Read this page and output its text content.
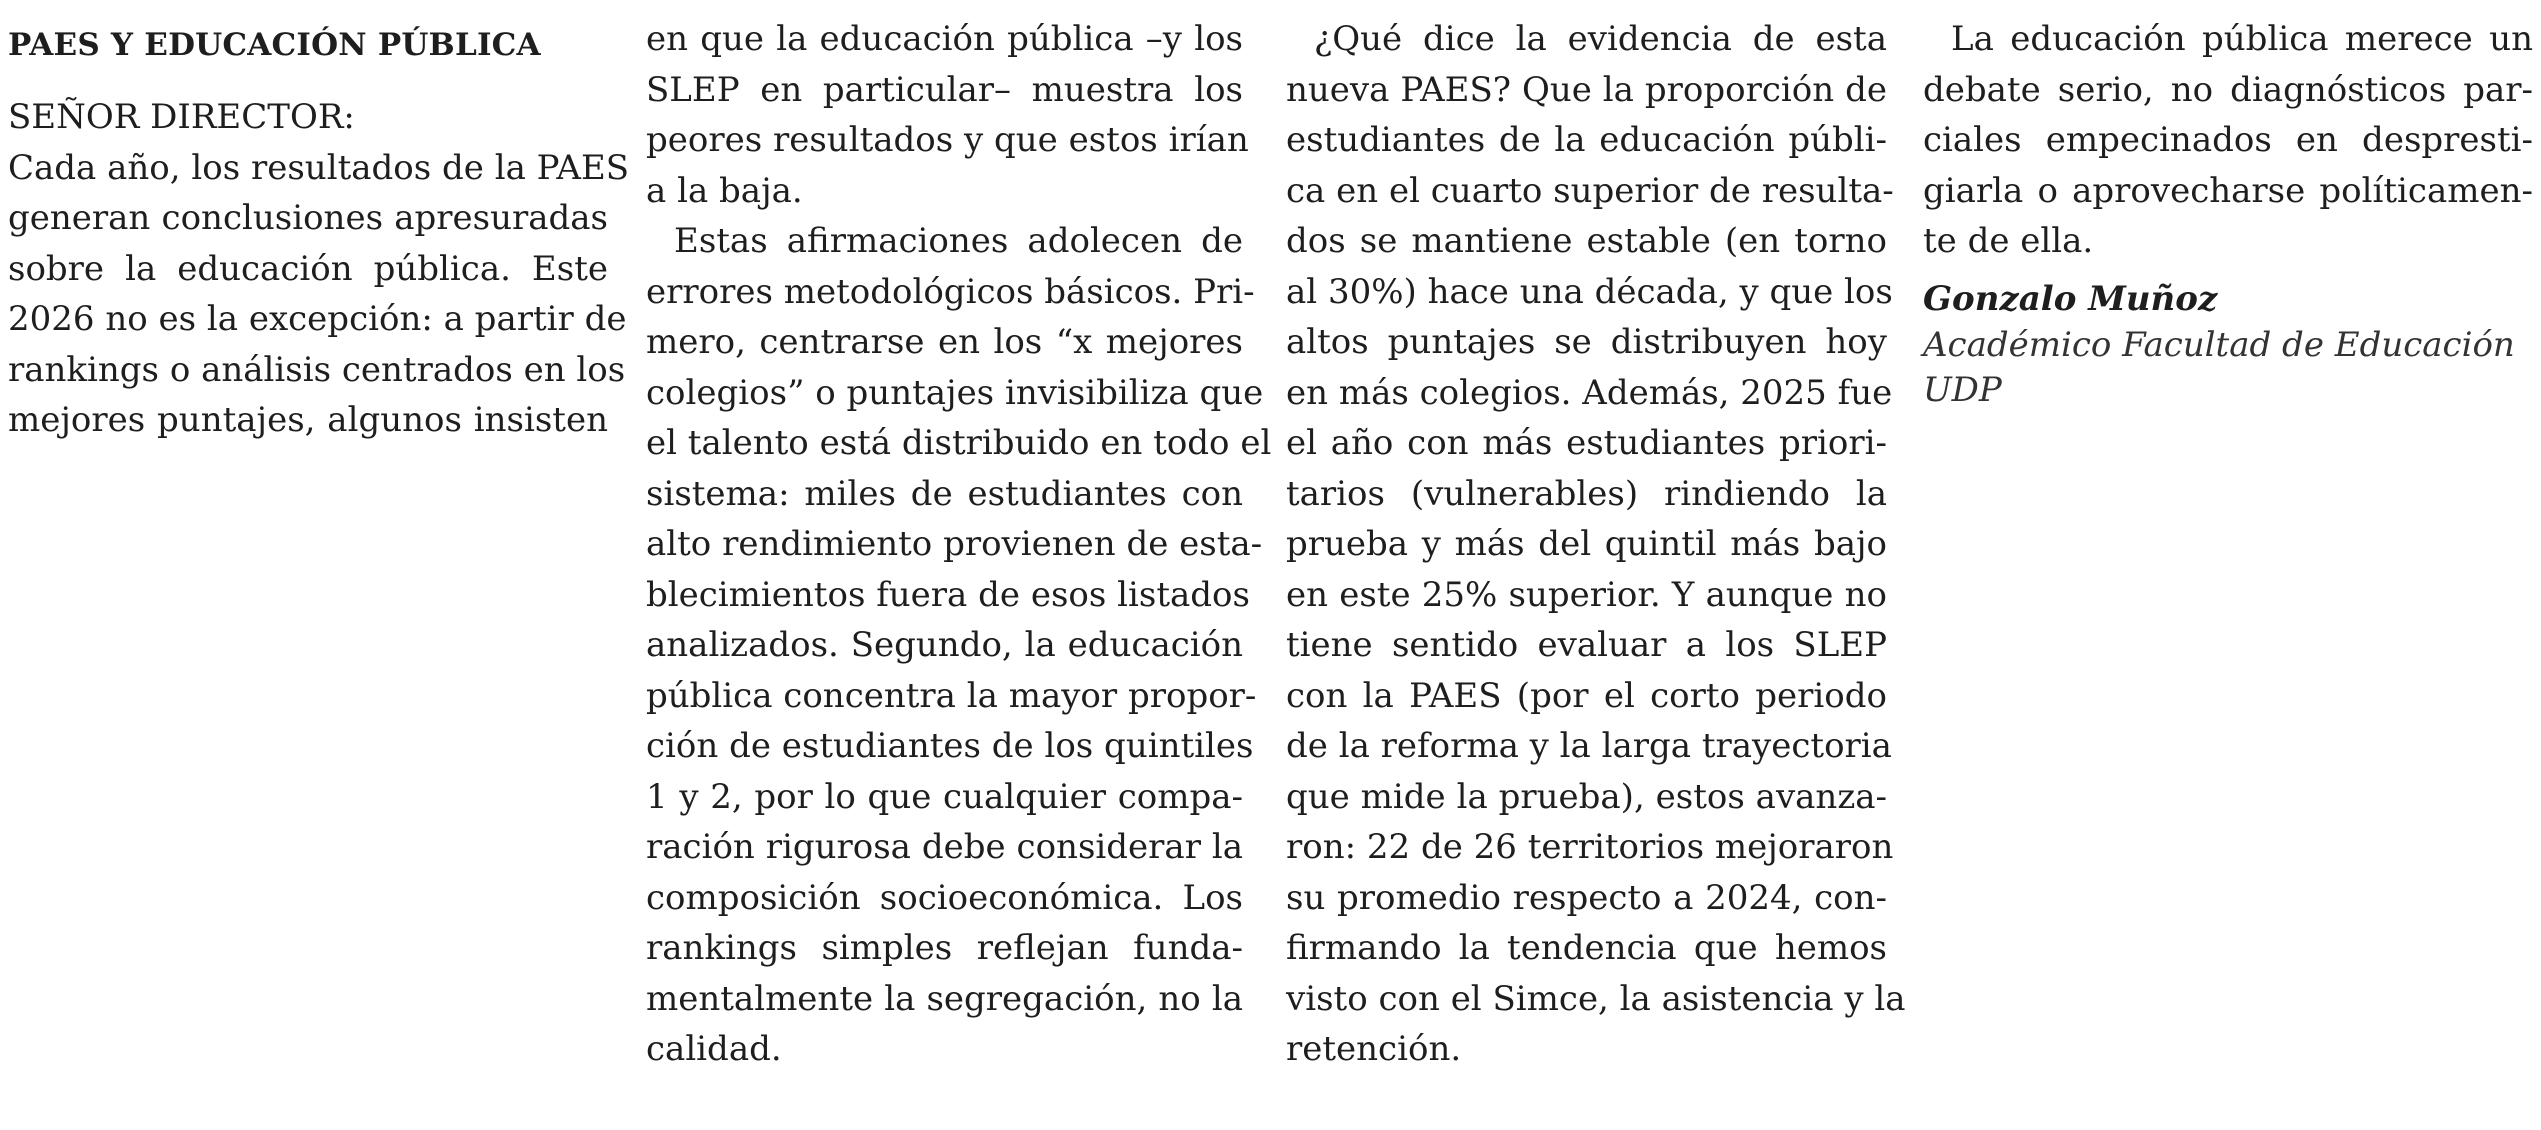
PAES Y EDUCACIÓN PÚBLICA
SEÑOR DIRECTOR:
Cada año, los resultados de la PAES
generan conclusiones apresuradas
sobre la educación pública. Este
2026 no es la excepción: a partir de
rankings o análisis centrados en los
mejores puntajes, algunos insisten
en que la educación pública –y los
SLEP en particular– muestra los
peores resultados y que estos irían
a la baja.
Estas afirmaciones adolecen de
errores metodológicos básicos. Pri-
mero, centrarse en los “x mejores
colegios” o puntajes invisibiliza que
el talento está distribuido en todo el
sistema: miles de estudiantes con
alto rendimiento provienen de esta-
blecimientos fuera de esos listados
analizados. Segundo, la educación
pública concentra la mayor propor-
ción de estudiantes de los quintiles
1 y 2, por lo que cualquier compa-
ración rigurosa debe considerar la
composición socioeconómica. Los
rankings simples reflejan funda-
mentalmente la segregación, no la
calidad.
¿Qué dice la evidencia de esta
nueva PAES? Que la proporción de
estudiantes de la educación públi-
ca en el cuarto superior de resulta-
dos se mantiene estable (en torno
al 30%) hace una década, y que los
altos puntajes se distribuyen hoy
en más colegios. Además, 2025 fue
el año con más estudiantes priori-
tarios (vulnerables) rindiendo la
prueba y más del quintil más bajo
en este 25% superior. Y aunque no
tiene sentido evaluar a los SLEP
con la PAES (por el corto periodo
de la reforma y la larga trayectoria
que mide la prueba), estos avanza-
ron: 22 de 26 territorios mejoraron
su promedio respecto a 2024, con-
firmando la tendencia que hemos
visto con el Simce, la asistencia y la
retención.
La educación pública merece un
debate serio, no diagnósticos par-
ciales empecinados en despresti-
giarla o aprovecharse políticamen-
te de ella.
Gonzalo Muñoz
Académico Facultad de Educación
UDP
